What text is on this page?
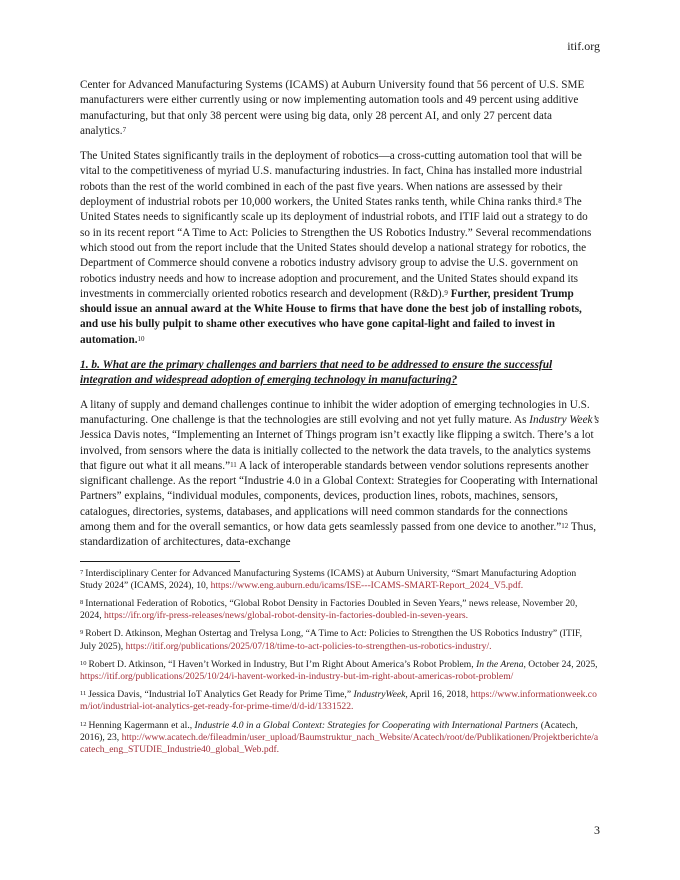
itif.org

Center for Advanced Manufacturing Systems (ICAMS) at Auburn University found that 56 percent of U.S. SME manufacturers were either currently using or now implementing automation tools and 49 percent using additive manufacturing, but that only 38 percent were using big data, only 28 percent AI, and only 27 percent data analytics.$^7$

The United States significantly trails in the deployment of robotics—a cross-cutting automation tool that will be vital to the competitiveness of myriad U.S. manufacturing industries. In fact, China has installed more industrial robots than the rest of the world combined in each of the past five years. When nations are assessed by their deployment of industrial robots per 10,000 workers, the United States ranks tenth, while China ranks third.$^8$ The United States needs to significantly scale up its deployment of industrial robots, and ITIF laid out a strategy to do so in its recent report “A Time to Act: Policies to Strengthen the US Robotics Industry.” Several recommendations which stood out from the report include that the United States should develop a national strategy for robotics, the Department of Commerce should convene a robotics industry advisory group to advise the U.S. government on robotics industry needs and how to increase adoption and procurement, and the United States should expand its investments in commercially oriented robotics research and development (R&D).$^9$ Further, president Trump should issue an annual award at the White House to firms that have done the best job of installing robots, and use his bully pulpit to shame other executives who have gone capital-light and failed to invest in automation.$^{10}$

1. b. What are the primary challenges and barriers that need to be addressed to ensure the successful integration and widespread adoption of emerging technology in manufacturing?

A litany of supply and demand challenges continue to inhibit the wider adoption of emerging technologies in U.S. manufacturing. One challenge is that the technologies are still evolving and not yet fully mature. As Industry Week’s Jessica Davis notes, “Implementing an Internet of Things program isn’t exactly like flipping a switch. There’s a lot involved, from sensors where the data is initially collected to the network the data travels, to the analytics systems that figure out what it all means.”$^{11}$ A lack of interoperable standards between vendor solutions represents another significant challenge. As the report “Industrie 4.0 in a Global Context: Strategies for Cooperating with International Partners” explains, “individual modules, components, devices, production lines, robots, machines, sensors, catalogues, directories, systems, databases, and applications will need common standards for the connections among them and for the overall semantics, or how data gets seamlessly passed from one device to another.”$^{12}$ Thus, standardization of architectures, data-exchange

$^7$ Interdisciplinary Center for Advanced Manufacturing Systems (ICAMS) at Auburn University, “Smart Manufacturing Adoption Study 2024” (ICAMS, 2024), 10, https://www.eng.auburn.edu/icams/ISE---ICAMS-SMART-Report_2024_V5.pdf.
$^8$ International Federation of Robotics, “Global Robot Density in Factories Doubled in Seven Years,” news release, November 20, 2024, https://ifr.org/ifr-press-releases/news/global-robot-density-in-factories-doubled-in-seven-years.
$^9$ Robert D. Atkinson, Meghan Ostertag and Trelysa Long, “A Time to Act: Policies to Strengthen the US Robotics Industry” (ITIF, July 2025), https://itif.org/publications/2025/07/18/time-to-act-policies-to-strengthen-us-robotics-industry/.
$^{10}$ Robert D. Atkinson, “I Haven’t Worked in Industry, But I’m Right About America’s Robot Problem, In the Arena, October 24, 2025, https://itif.org/publications/2025/10/24/i-havent-worked-in-industry-but-im-right-about-americas-robot-problem/
$^{11}$ Jessica Davis, “Industrial IoT Analytics Get Ready for Prime Time,” IndustryWeek, April 16, 2018, https://www.informationweek.com/iot/industrial-iot-analytics-get-ready-for-prime-time/d/d-id/1331522.
$^{12}$ Henning Kagermann et al., Industrie 4.0 in a Global Context: Strategies for Cooperating with International Partners (Acatech, 2016), 23, http://www.acatech.de/fileadmin/user_upload/Baumstruktur_nach_Website/Acatech/root/de/Publikationen/Projektberichte/acatech_eng_STUDIE_Industrie40_global_Web.pdf.
3
